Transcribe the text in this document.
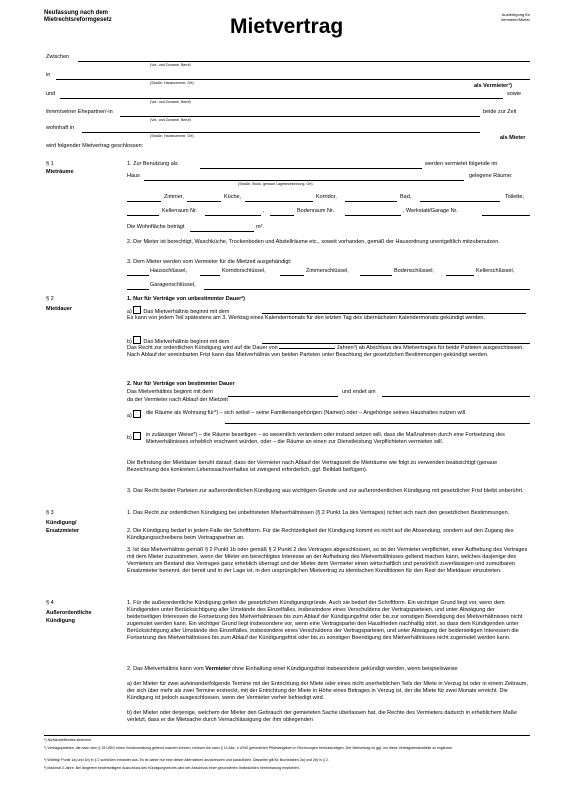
Neufassung nach dem
Mietrechtsreformgesetz	Mietvertrag
Ausfertigung für
Vermieter/Mieter
Zwischen
(Vor- und Zuname, Beruf)
in
(Straße, Hausnummer, Ort)	als Vermieter¹)
und	sowie
(Vor- und Zuname, Beruf)
ihrem/seiner Ehepartner/-in	beide zur Zeit
(Vor- und Zuname, Beruf)
wohnhaft in
(Straße, Hausnummer, Ort)	als Mieter
wird folgender Mietvertrag geschlossen:
§ 1
Mieträume
1. Zur Benutzung als	werden vermietet folgende im
Haus
(Straße, Stock, genaue Lagebezeichnung, Ort)
gelegene Räume:
Zimmer,	Küche,	Korridor,	Bad,	Toilette,
Kellerraum Nr.	,	Bodenraum Nr.	, Werkstatt/Garage Nr.
Die Wohnfläche beträgt	m².
2. Der Mieter ist berechtigt, Waschküche, Trockenboden und Abstellräume etc., soweit vorhanden, gemäß der Hausordnung unentgeltlich mitzubenutzen.
3. Dem Mieter werden vom Vermieter für die Mietzeit ausgehändigt:
Hausschlüssel,	Korridorschlüssel,	Zimmerschlüssel,	Bodenschlüssel,	Kellerschlüssel,
Garagenschlüssel,
§ 2
Mietdauer
1. Nur für Verträge von unbestimmter Dauer²)
a) Das Mietverhältnis beginnt mit dem
Es kann von jedem Teil spätestens am 3. Werktag eines Kalendermonats für den letzten Tag des übernächsten Kalendermonats gekündigt werden.
b) Das Mietverhältnis beginnt mit dem
Das Recht zur ordentlichen Kündigung wird auf die Dauer von	Jahren³) ab Abschluss des Mietvertrages für beide Parteien ausgeschlossen. Nach Ablauf der vereinbarten Frist kann das Mietverhältnis von beiden Parteien unter Beachtung der gesetzlichen Bestimmungen gekündigt werden.
2. Nur für Verträge von bestimmter Dauer
Das Mietverhältnis beginnt mit dem	und endet am
da der Vermieter nach Ablauf der Mietzeit
a)	die Räume als Wohnung für*) – sich selbst – seine Familienangehörigen (Namen) oder – Angehörige seines Haushaltes nutzen will.
b)	in zulässiger Weise*) – die Räume beseitigen – so wesentlich verändern oder instand setzen will, dass die Maßnahmen durch eine Fortsetzung des Mietverhältnisses erheblich erschwert würden, oder – die Räume an einen zur Dienstleistung Verpflichteten vermieten will.
Die Befristung der Mietdauer beruht darauf, dass der Vermieter nach Ablauf der Vertragszeit die Mieträume wie folgt zu verwenden beabsichtigt (genaue Bezeichnung des konkreten Lebenssachverhaltes ist zwingend erforderlich, ggf. Beiblatt beifügen).
3. Das Recht beider Parteien zur außerordentlichen Kündigung aus wichtigem Grunde und zur außerordentlichen Kündigung mit gesetzlicher Frist bleibt unberührt.
§ 3
Kündigung/
Ersatzmieter
1. Das Recht zur ordentlichen Kündigung bei unbefristeten Mietverhältnissen (§ 2 Punkt 1a des Vertrages) richtet sich nach den gesetzlichen Bestimmungen.
2. Die Kündigung bedarf in jedem Falle der Schriftform. Für die Rechtzeitigkeit der Kündigung kommt es nicht auf die Absendung, sondern auf den Zugang des Kündigungsschreibens beim Vertragspartner an.
3. Ist das Mietverhältnis gemäß § 2 Punkt 1b oder gemäß § 2 Punkt 2 des Vertrages abgeschlossen, so ist der Vermieter verpflichtet, einer Aufhebung des Vertrages mit dem Mieter zuzustimmen, wenn der Mieter ein berechtigtes Interesse an der Aufhebung des Mietverhältnisses geltend machen kann, welches dasjenige des Vermieters am Bestand des Vertrages ganz erheblich überragt und der Mieter dem Vermieter einen wirtschaftlich und persönlich zuverlässigen und zumutbaren Ersatzmieter benennt, der bereit und in der Lage ist, in den ursprünglichen Mietvertrag zu identischen Konditionen für den Rest der Mietdauer einzutreten.
§ 4
Außerordentliche
Kündigung
1. Für die außerordentliche Kündigung gelten die gesetzlichen Kündigungsgründe. Auch sie bedarf der Schriftform. Ein wichtiger Grund liegt vor, wenn dem Kündigenden unter Berücksichtigung aller Umstände des Einzelfalles, insbesondere eines Verschuldens der Vertragsparteien, und unter Abwägung der beiderseitigen Interessen die Fortsetzung des Mietverhältnisses bis zum Ablauf der Kündigungsfrist oder bis zur sonstigen Beendigung des Mietverhältnisses nicht zugemutet werden kann. Ein wichtiger Grund liegt insbesondere vor, wenn eine Vertragspartei den Hausfrieden nachhaltig stört, so dass dem Kündigenden unter Berücksichtigung aller Umstände des Einzelfalles, insbesondere eines Verschuldens der Vertragsparteien, und unter Abwägung der beiderseitigen Interessen die Fortsetzung des Mietverhältnisses bis zum Ablauf der Kündigungsfrist oder bis zu sonstigen Beendigung des Mietverhältnisses nicht zugemutet werden kann.
2. Das Mietverhältnis kann vom Vermieter ohne Einhaltung einer Kündigungsfrist insbesondere gekündigt werden, wenn beispielsweise
a) der Mieter für zwei aufeinanderfolgende Termine mit der Entrichtung der Miete oder eines nicht unerheblichen Teils der Miete in Verzug ist oder in einem Zeitraum, der sich über mehr als zwei Termine erstreckt, mit der Entrichtung der Miete in Höhe eines Betrages in Verzug ist, der die Miete für zwei Monate erreicht. Die Kündigung ist jedoch ausgeschlossen, wenn der Vermieter vorher befriedigt wird.
b) der Mieter oder derjenige, welchem der Mieter den Gebrauch der gemieteten Sache überlassen hat, die Rechte des Vermieters dadurch in erheblichem Maße verletzt, dass er die Mietsache durch Vernachlässigung der ihm obliegenden
*) Nichtzutreffendes streichen.
¹) Vertragsparteien, die nach dem § 15 UStG einen Vorsteuerabzug geltend machen können, müssen die nach § 14 Abs. 4 UStG geforderten Pflichtangaben in Rechnungen berücksichtigen. Der Mietvertrag ist ggf. um diese Vertragsbestandteile zu ergänzen.
²) Wichtig! Punkt 1a) und 1b) in § 2 schließen einander aus. Es ist daher nur eine dieser Alternativen anzukreuzen und auszufüllen. Dasselbe gilt für Buchstaben 2a) und 2b) in § 2.
³) Maximal 2 Jahre. Bei längerem beiderseitigem Ausschluss des Kündigungsrechts wird der Abschluss einer gesonderten Individuellen Vereinbarung empfohlen.
